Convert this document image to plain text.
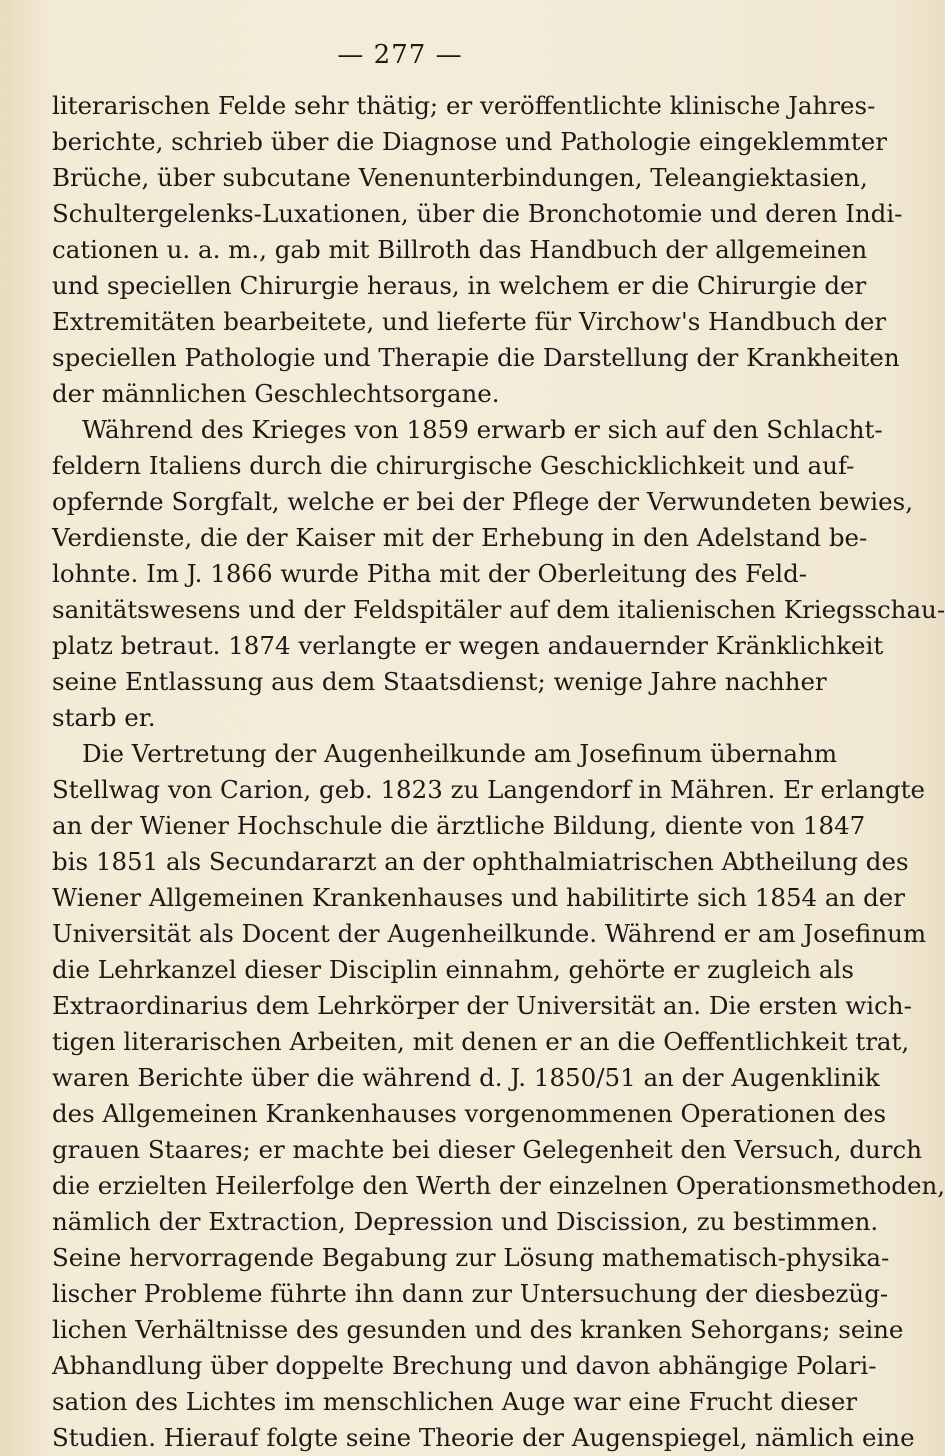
— 277 —
literarischen Felde sehr thätig; er veröffentlichte klinische Jahres-
berichte, schrieb über die Diagnose und Pathologie eingeklemmter
Brüche, über subcutane Venenunterbindungen, Teleangiektasien,
Schultergelenks-Luxationen, über die Bronchotomie und deren Indi-
cationen u. a. m., gab mit Billroth das Handbuch der allgemeinen
und speciellen Chirurgie heraus, in welchem er die Chirurgie der
Extremitäten bearbeitete, und lieferte für Virchow's Handbuch der
speciellen Pathologie und Therapie die Darstellung der Krankheiten
der männlichen Geschlechtsorgane.
Während des Krieges von 1859 erwarb er sich auf den Schlacht-
feldern Italiens durch die chirurgische Geschicklichkeit und auf-
opfernde Sorgfalt, welche er bei der Pflege der Verwundeten bewies,
Verdienste, die der Kaiser mit der Erhebung in den Adelstand be-
lohnte. Im J. 1866 wurde Pitha mit der Oberleitung des Feld-
sanitätswesens und der Feldspitäler auf dem italienischen Kriegsschau-
platz betraut. 1874 verlangte er wegen andauernder Kränklichkeit
seine Entlassung aus dem Staatsdienst; wenige Jahre nachher
starb er.
Die Vertretung der Augenheilkunde am Josefinum übernahm
Stellwag von Carion, geb. 1823 zu Langendorf in Mähren. Er erlangte
an der Wiener Hochschule die ärztliche Bildung, diente von 1847
bis 1851 als Secundararzt an der ophthalmiatrischen Abtheilung des
Wiener Allgemeinen Krankenhauses und habilitirte sich 1854 an der
Universität als Docent der Augenheilkunde. Während er am Josefinum
die Lehrkanzel dieser Disciplin einnahm, gehörte er zugleich als
Extraordinarius dem Lehrkörper der Universität an. Die ersten wich-
tigen literarischen Arbeiten, mit denen er an die Oeffentlichkeit trat,
waren Berichte über die während d. J. 1850/51 an der Augenklinik
des Allgemeinen Krankenhauses vorgenommenen Operationen des
grauen Staares; er machte bei dieser Gelegenheit den Versuch, durch
die erzielten Heilerfolge den Werth der einzelnen Operationsmethoden,
nämlich der Extraction, Depression und Discission, zu bestimmen.
Seine hervorragende Begabung zur Lösung mathematisch-physika-
lischer Probleme führte ihn dann zur Untersuchung der diesbezüg-
lichen Verhältnisse des gesunden und des kranken Sehorgans; seine
Abhandlung über doppelte Brechung und davon abhängige Polari-
sation des Lichtes im menschlichen Auge war eine Frucht dieser
Studien. Hierauf folgte seine Theorie der Augenspiegel, nämlich eine
